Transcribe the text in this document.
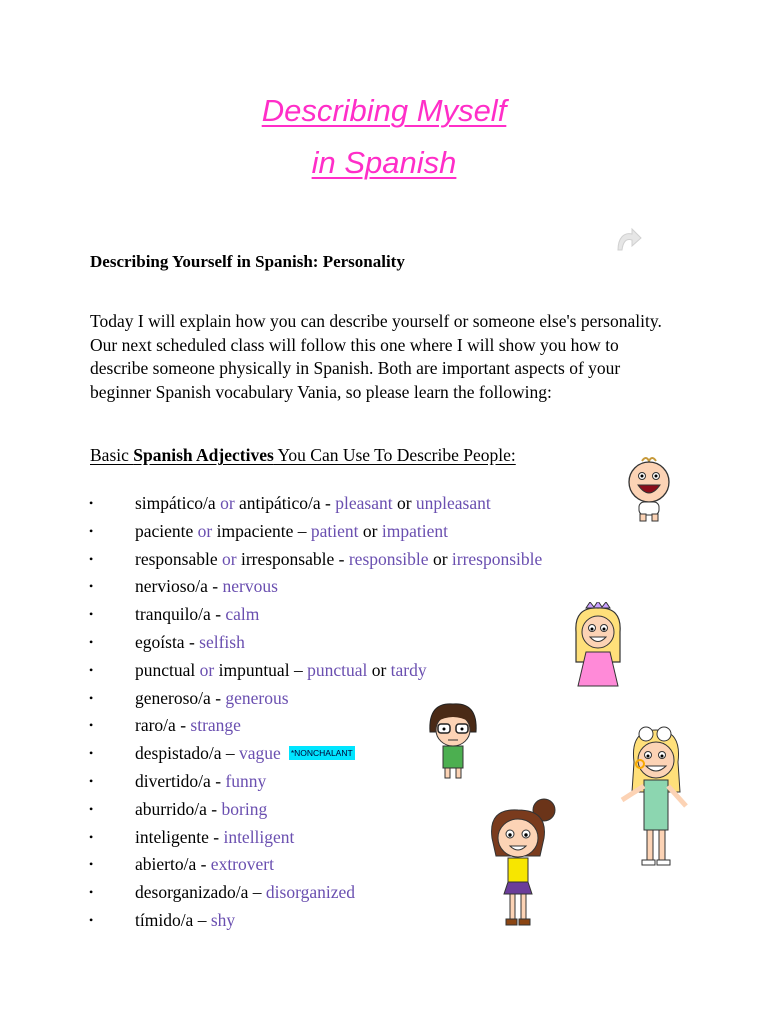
Describing Myself
in Spanish
Describing Yourself in Spanish: Personality
Today I will explain how you can describe yourself or someone else's personality. Our next scheduled class will follow this one where I will show you how to describe someone physically in Spanish. Both are important aspects of your beginner Spanish vocabulary Vania, so please learn the following:
Basic Spanish Adjectives You Can Use To Describe People:
• simpático/a or antipático/a - pleasant or unpleasant
• paciente or impaciente – patient or impatient
• responsable or irresponsable - responsible or irresponsible
• nervioso/a - nervous
• tranquilo/a - calm
• egoísta - selfish
• punctual or impuntual – punctual or tardy
• generoso/a - generous
• raro/a - strange
• despistado/a – vague *NONCHALANT
• divertido/a - funny
• aburrido/a - boring
• inteligente - intelligent
• abierto/a - extrovert
• desorganizado/a – disorganized
• tímido/a – shy
